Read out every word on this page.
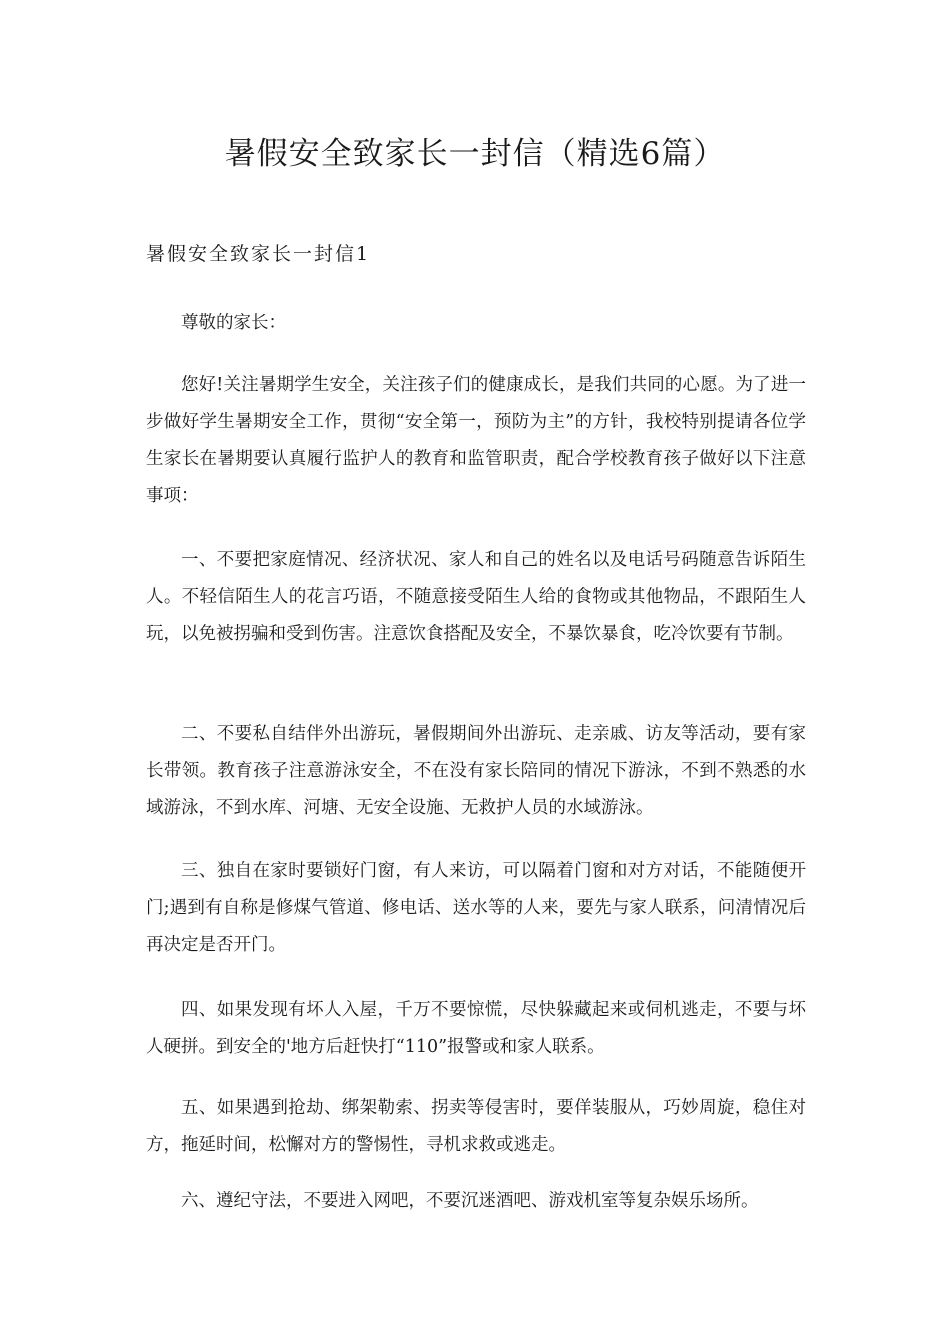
暑假安全致家长一封信（精选6篇）
暑假安全致家长一封信1

尊敬的家长：

您好!关注暑期学生安全，关注孩子们的健康成长，是我们共同的心愿。为了进一步做好学生暑期安全工作，贯彻“安全第一，预防为主”的方针，我校特别提请各位学生家长在暑期要认真履行监护人的教育和监管职责，配合学校教育孩子做好以下注意事项：

一、不要把家庭情况、经济状况、家人和自己的姓名以及电话号码随意告诉陌生人。不轻信陌生人的花言巧语，不随意接受陌生人给的食物或其他物品，不跟陌生人玩，以免被拐骗和受到伤害。注意饮食搭配及安全，不暴饮暴食，吃冷饮要有节制。

二、不要私自结伴外出游玩，暑假期间外出游玩、走亲戚、访友等活动，要有家长带领。教育孩子注意游泳安全，不在没有家长陪同的情况下游泳，不到不熟悉的水域游泳，不到水库、河塘、无安全设施、无救护人员的水域游泳。

三、独自在家时要锁好门窗，有人来访，可以隔着门窗和对方对话，不能随便开门;遇到有自称是修煤气管道、修电话、送水等的人来，要先与家人联系，问清情况后再决定是否开门。

四、如果发现有坏人入屋，千万不要惊慌，尽快躲藏起来或伺机逃走，不要与坏人硬拼。到安全的'地方后赶快打“110”报警或和家人联系。

五、如果遇到抢劫、绑架勒索、拐卖等侵害时，要佯装服从，巧妙周旋，稳住对方，拖延时间，松懈对方的警惕性，寻机求救或逃走。

六、遵纪守法，不要进入网吧，不要沉迷酒吧、游戏机室等复杂娱乐场所。
